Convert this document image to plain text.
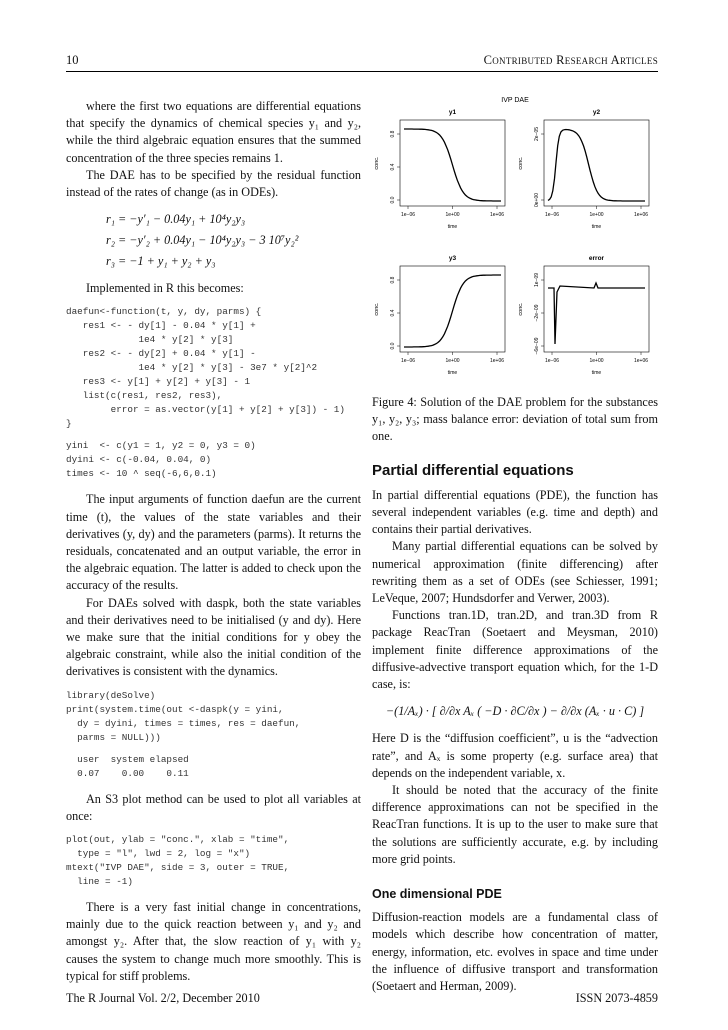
10	Contributed Research Articles

where the first two equations are differential equations that specify the dynamics of chemical species y₁ and y₂, while the third algebraic equation ensures that the summed concentration of the three species remains 1.

The DAE has to be specified by the residual function instead of the rates of change (as in ODEs).

r₁ = −y′₁ − 0.04y₁ + 10⁴y₂y₃
r₂ = −y′₂ + 0.04y₁ − 10⁴y₂y₃ − 3 10⁷y₂²
r₃ = −1 + y₁ + y₂ + y₃

Implemented in R this becomes:

daefun<-function(t, y, dy, parms) {
res1 <- - dy[1] - 0.04 * y[1] +
1e4 * y[2] * y[3]
res2 <- - dy[2] + 0.04 * y[1] -
1e4 * y[2] * y[3] - 3e7 * y[2]^2
res3 <- y[1] + y[2] + y[3] - 1
list(c(res1, res2, res3),
error = as.vector(y[1] + y[2] + y[3]) - 1)
}
yini  <- c(y1 = 1, y2 = 0, y3 = 0)
dyini <- c(-0.04, 0.04, 0)
times <- 10 ^ seq(-6,6,0.1)

The input arguments of function daefun are the current time (t), the values of the state variables and their derivatives (y, dy) and the parameters (parms). It returns the residuals, concatenated and an output variable, the error in the algebraic equation. The latter is added to check upon the accuracy of the results.

For DAEs solved with daspk, both the state variables and their derivatives need to be initialised (y and dy). Here we make sure that the initial conditions for y obey the algebraic constraint, while also the initial condition of the derivatives is consistent with the dynamics.

library(deSolve)
print(system.time(out <-daspk(y = yini,
dy = dyini, times = times, res = daefun,
parms = NULL)))
user  system elapsed
0.07    0.00    0.11

An S3 plot method can be used to plot all variables at once:

plot(out, ylab = "conc.", xlab = "time",
type = "l", lwd = 2, log = "x")
mtext("IVP DAE", side = 3, outer = TRUE,
line = -1)

There is a very fast initial change in concentrations, mainly due to the quick reaction between y₁ and y₂ and amongst y₂. After that, the slow reaction of y₁ with y₂ causes the system to change much more smoothly. This is typical for stiff problems.

IVP DAE
y1
conc.
0.0
0.4
0.8
1e−06	1e+00	1e+06
time
y2
conc.
0e+00
2e−05
1e−06	1e+00	1e+06
time
y3
conc.
0.0
0.4
0.8
1e−06	1e+00	1e+06
time
error
conc.
−6e−09
−2e−09
1e−09
1e−06	1e+00	1e+06
time

Figure 4: Solution of the DAE problem for the substances y₁, y₂, y₃; mass balance error: deviation of total sum from one.

Partial differential equations

In partial differential equations (PDE), the function has several independent variables (e.g. time and depth) and contains their partial derivatives.

Many partial differential equations can be solved by numerical approximation (finite differencing) after rewriting them as a set of ODEs (see Schiesser, 1991; LeVeque, 2007; Hundsdorfer and Verwer, 2003).

Functions tran.1D, tran.2D, and tran.3D from R package ReacTran (Soetaert and Meysman, 2010) implement finite difference approximations of the diffusive-advective transport equation which, for the 1-D case, is:

−(1/Aₓ) · [ ∂/∂x Aₓ ( −D · ∂C/∂x ) − ∂/∂x (Aₓ · u · C) ]

Here D is the “diffusion coefficient”, u is the “advection rate”, and Aₓ is some property (e.g. surface area) that depends on the independent variable, x.

It should be noted that the accuracy of the finite difference approximations can not be specified in the ReacTran functions. It is up to the user to make sure that the solutions are sufficiently accurate, e.g. by including more grid points.

One dimensional PDE

Diffusion-reaction models are a fundamental class of models which describe how concentration of matter, energy, information, etc. evolves in space and time under the influence of diffusive transport and transformation (Soetaert and Herman, 2009).

The R Journal Vol. 2/2, December 2010	ISSN 2073-4859
